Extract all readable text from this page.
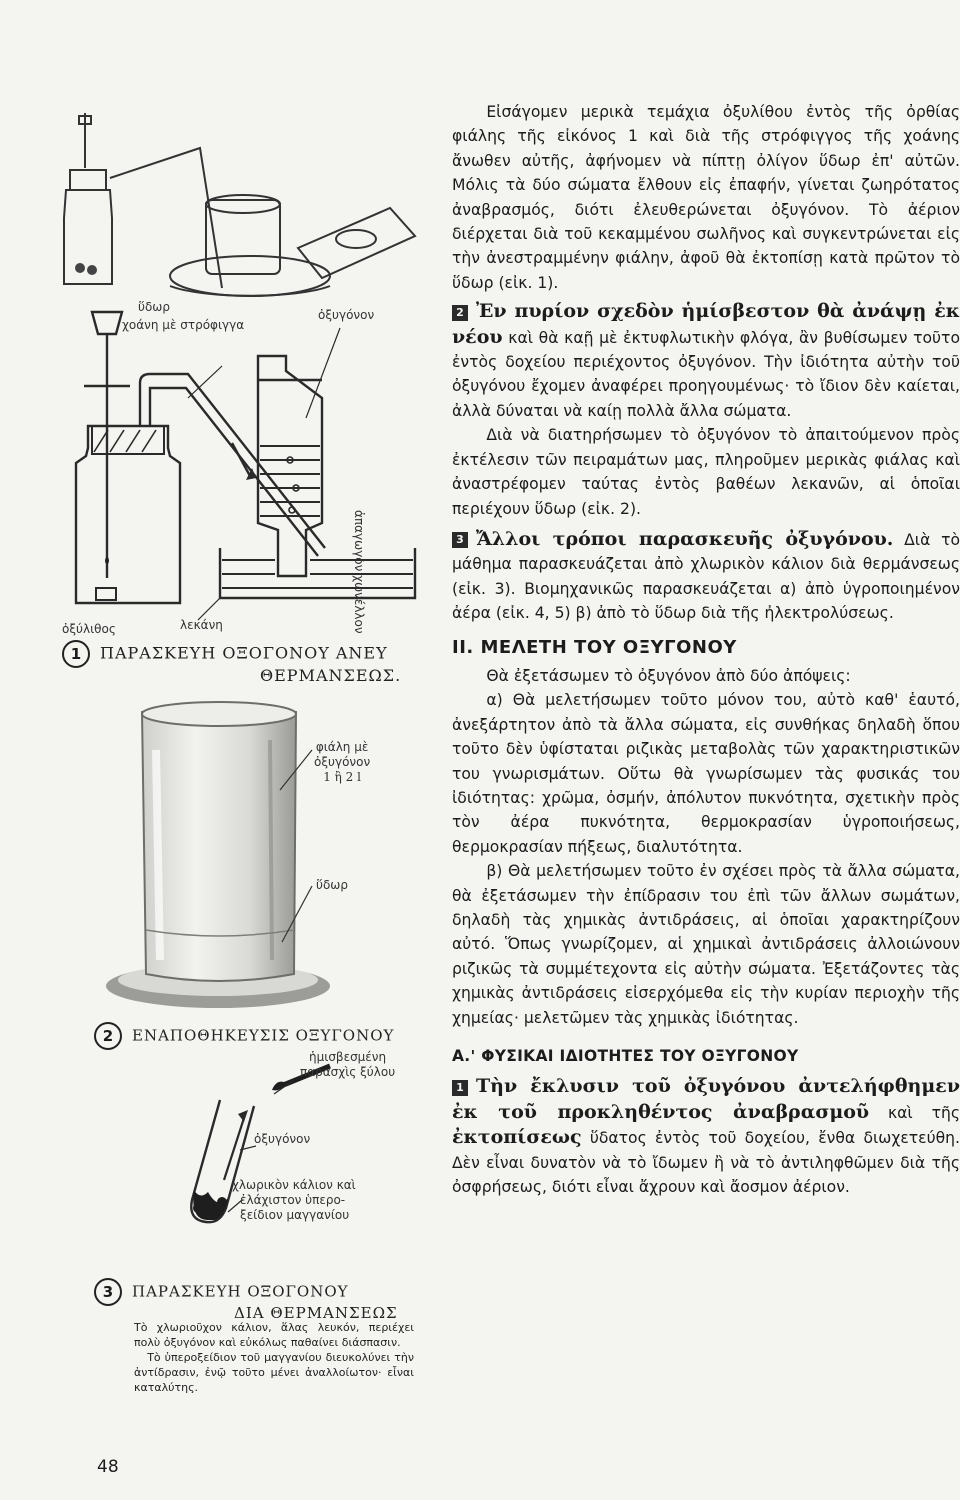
ὕδωρ
χοάνη μὲ στρόφιγγα
ὀξυγόνον
ἀπαγωγὸν χωνέλλον
ὀξύλιθος	λεκάνη
1 ΠΑΡΑΣΚΕΥΗ ΟΞΟΓΟΝΟΥ ΑΝΕΥ
ΘΕΡΜΑΝΣΕΩΣ.
φιάλη μὲ
ὀξυγόνον
1 ἢ 2 l
ὕδωρ
2 ΕΝΑΠΟΘΗΚΕΥΣΙΣ ΟΞΥΓΟΝΟΥ
ἡμισβεσμένη
παρασχὶς ξύλου
ὀξυγόνον
χλωρικὸν κάλιον καὶ
ἐλάχιστον ὑπερο-
ξείδιον μαγγανίου
3 ΠΑΡΑΣΚΕΥΗ ΟΞΟΓΟΝΟΥ
ΔΙΑ ΘΕΡΜΑΝΣΕΩΣ
Τὸ χλωριοῦχον κάλιον, ἅλας λευκόν, περιέχει πολὺ ὀξυγόνον καὶ εὐκόλως παθαίνει διάσπασιν.
Τὸ ὑπεροξείδιον τοῦ μαγγανίου διευκολύνει τὴν ἀντίδρασιν, ἐνῷ τοῦτο μένει ἀναλλοίωτον· εἶναι καταλύτης.

Εἰσάγομεν μερικὰ τεμάχια ὀξυλίθου ἐντὸς τῆς ὀρθίας φιάλης τῆς εἰκόνος 1 καὶ διὰ τῆς στρόφιγγος τῆς χοάνης ἄνωθεν αὐτῆς, ἀφήνομεν νὰ πίπτῃ ὀλίγον ὕδωρ ἐπ' αὐτῶν. Μόλις τὰ δύο σώματα ἔλθουν εἰς ἐπαφήν, γίνεται ζωηρότατος ἀναβρασμός, διότι ἐλευθερώνεται ὀξυγόνον. Τὸ ἀέριον διέρχεται διὰ τοῦ κεκαμμένου σωλῆνος καὶ συγκεντρώνεται εἰς τὴν ἀνεστραμμένην φιάλην, ἀφοῦ θὰ ἐκτοπίσῃ κατὰ πρῶτον τὸ ὕδωρ (εἰκ. 1).

2 Ἐν πυρίον σχεδὸν ἡμίσβεστον θὰ ἀνάψῃ ἐκ νέου καὶ θὰ καῇ μὲ ἐκτυφλωτικὴν φλόγα, ἂν βυθίσωμεν τοῦτο ἐντὸς δοχείου περιέχοντος ὀξυγόνον. Τὴν ἰδιότητα αὐτὴν τοῦ ὀξυγόνου ἔχομεν ἀναφέρει προηγουμένως· τὸ ἴδιον δὲν καίεται, ἀλλὰ δύναται νὰ καίῃ πολλὰ ἄλλα σώματα.

Διὰ νὰ διατηρήσωμεν τὸ ὀξυγόνον τὸ ἀπαιτούμενον πρὸς ἐκτέλεσιν τῶν πειραμάτων μας, πληροῦμεν μερικὰς φιάλας καὶ ἀναστρέφομεν ταύτας ἐντὸς βαθέων λεκανῶν, αἱ ὁποῖαι περιέχουν ὕδωρ (εἰκ. 2).

3 Ἄλλοι τρόποι παρασκευῆς ὀξυγόνου. Διὰ τὸ μάθημα παρασκευάζεται ἀπὸ χλωρικὸν κάλιον διὰ θερμάνσεως (εἰκ. 3). Βιομηχανικῶς παρασκευάζεται α) ἀπὸ ὑγροποιημένον ἀέρα (εἰκ. 4, 5) β) ἀπὸ τὸ ὕδωρ διὰ τῆς ἠλεκτρολύσεως.

ΙΙ. ΜΕΛΕΤΗ ΤΟΥ ΟΞΥΓΟΝΟΥ

Θὰ ἐξετάσωμεν τὸ ὀξυγόνον ἀπὸ δύο ἀπόψεις:

α) Θὰ μελετήσωμεν τοῦτο μόνον του, αὐτὸ καθ' ἑαυτό, ἀνεξάρτητον ἀπὸ τὰ ἄλλα σώματα, εἰς συνθήκας δηλαδὴ ὅπου τοῦτο δὲν ὑφίσταται ριζικὰς μεταβολὰς τῶν χαρακτηριστικῶν του γνωρισμάτων. Οὕτω θὰ γνωρίσωμεν τὰς φυσικάς του ἰδιότητας: χρῶμα, ὀσμήν, ἀπόλυτον πυκνότητα, σχετικὴν πρὸς τὸν ἀέρα πυκνότητα, θερμοκρασίαν ὑγροποιήσεως, θερμοκρασίαν πήξεως, διαλυτότητα.

β) Θὰ μελετήσωμεν τοῦτο ἐν σχέσει πρὸς τὰ ἄλλα σώματα, θὰ ἐξετάσωμεν τὴν ἐπίδρασιν του ἐπὶ τῶν ἄλλων σωμάτων, δηλαδὴ τὰς χημικὰς ἀντιδράσεις, αἱ ὁποῖαι χαρακτηρίζουν αὐτό. Ὅπως γνωρίζομεν, αἱ χημικαὶ ἀντιδράσεις ἀλλοιώνουν ριζικῶς τὰ συμμέτεχοντα εἰς αὐτὴν σώματα. Ἐξετάζοντες τὰς χημικὰς ἀντιδράσεις εἰσερχόμεθα εἰς τὴν κυρίαν περιοχὴν τῆς χημείας· μελετῶμεν τὰς χημικὰς ἰδιότητας.

Α.' ΦΥΣΙΚΑΙ ΙΔΙΟΤΗΤΕΣ ΤΟΥ ΟΞΥΓΟΝΟΥ

1 Τὴν ἔκλυσιν τοῦ ὀξυγόνου ἀντελήφθημεν ἐκ τοῦ προκληθέντος ἀναβρασμοῦ καὶ τῆς ἐκτοπίσεως ὕδατος ἐντὸς τοῦ δοχείου, ἔνθα διωχετεύθη. Δὲν εἶναι δυνατὸν νὰ τὸ ἴδωμεν ἢ νὰ τὸ ἀντιληφθῶμεν διὰ τῆς ὀσφρήσεως, διότι εἶναι ἄχρουν καὶ ἄοσμον ἀέριον.

48
